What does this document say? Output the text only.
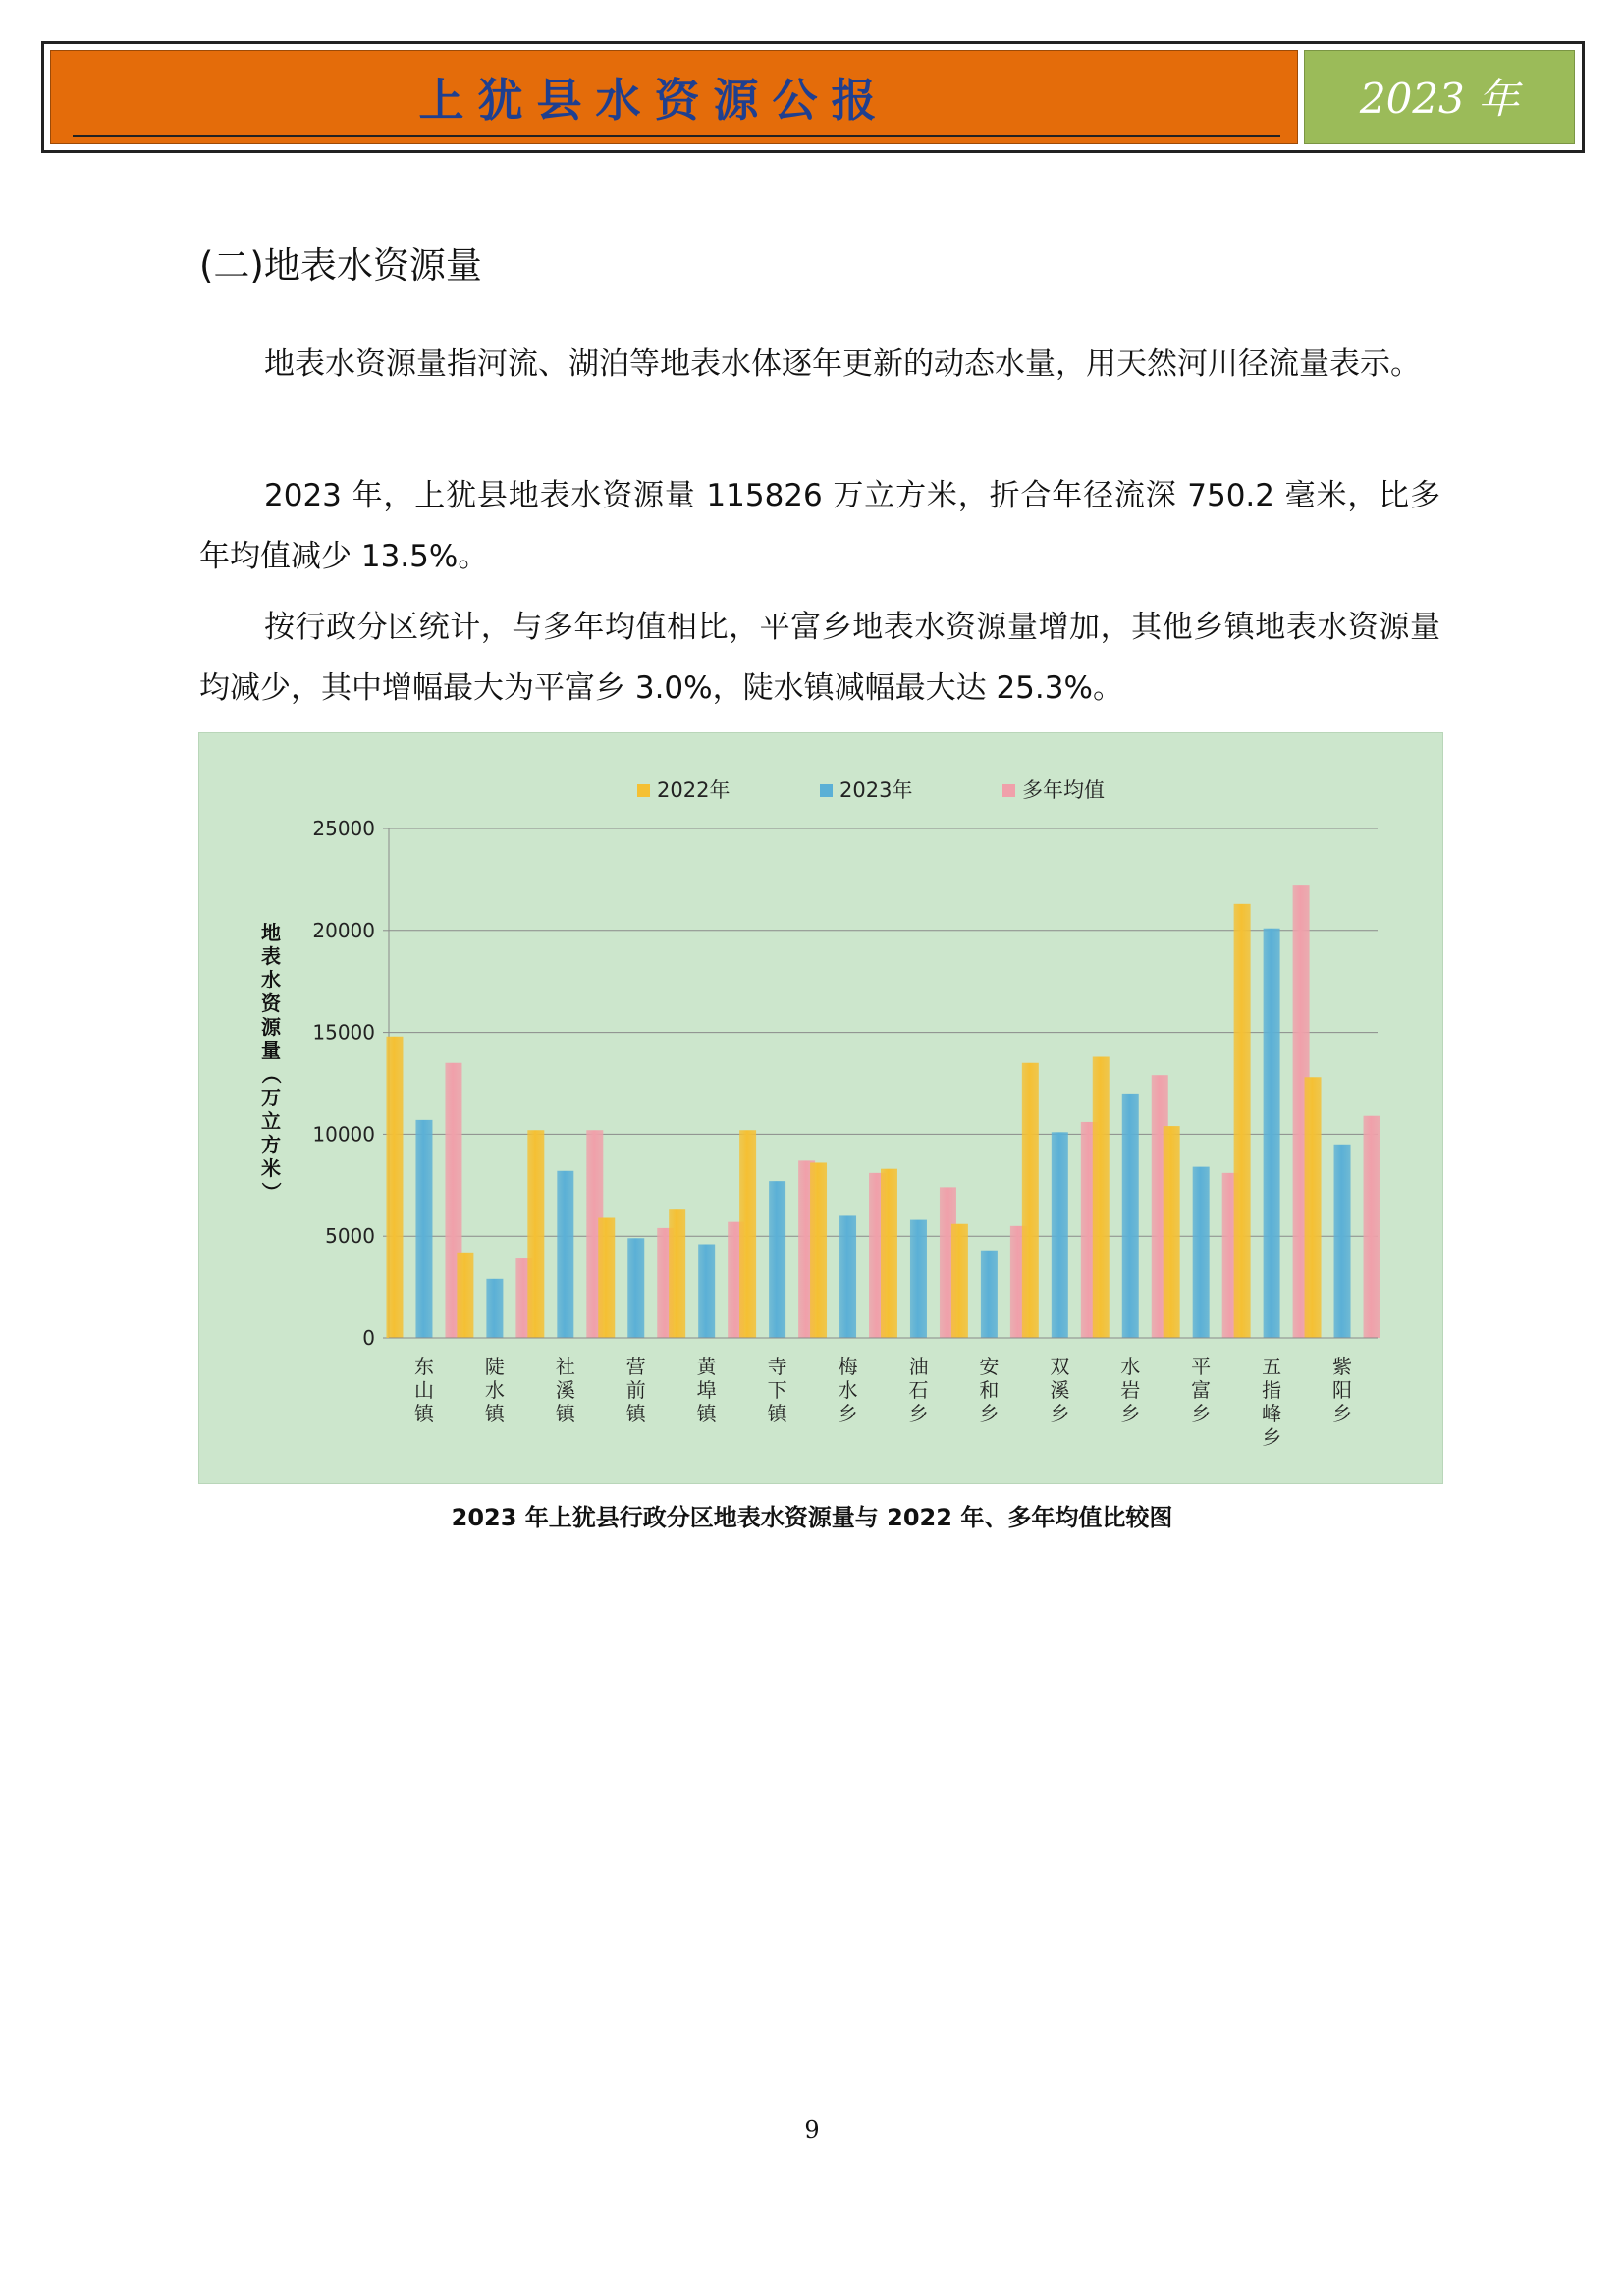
上犹县水资源公报	2023 年
(二)地表水资源量
地表水资源量指河流、湖泊等地表水体逐年更新的动态水量，用天然河川径流量表示。
2023 年，上犹县地表水资源量 115826 万立方米，折合年径流深 750.2 毫米，比多年均值减少 13.5%。
按行政分区统计，与多年均值相比，平富乡地表水资源量增加，其他乡镇地表水资源量均减少，其中增幅最大为平富乡 3.0%，陡水镇减幅最大达 25.3%。
0
5000
10000
15000
20000
25000
地
表
水
资
源
量
（
万
立
方
米
）
东
山
镇
陡
水
镇
社
溪
镇
营
前
镇
黄
埠
镇
寺
下
镇
梅
水
乡
油
石
乡
安
和
乡
双
溪
乡
水
岩
乡
平
富
乡
五
指
峰
乡
紫
阳
乡
2022年	2023年	多年均值
2023 年上犹县行政分区地表水资源量与 2022 年、多年均值比较图
9
